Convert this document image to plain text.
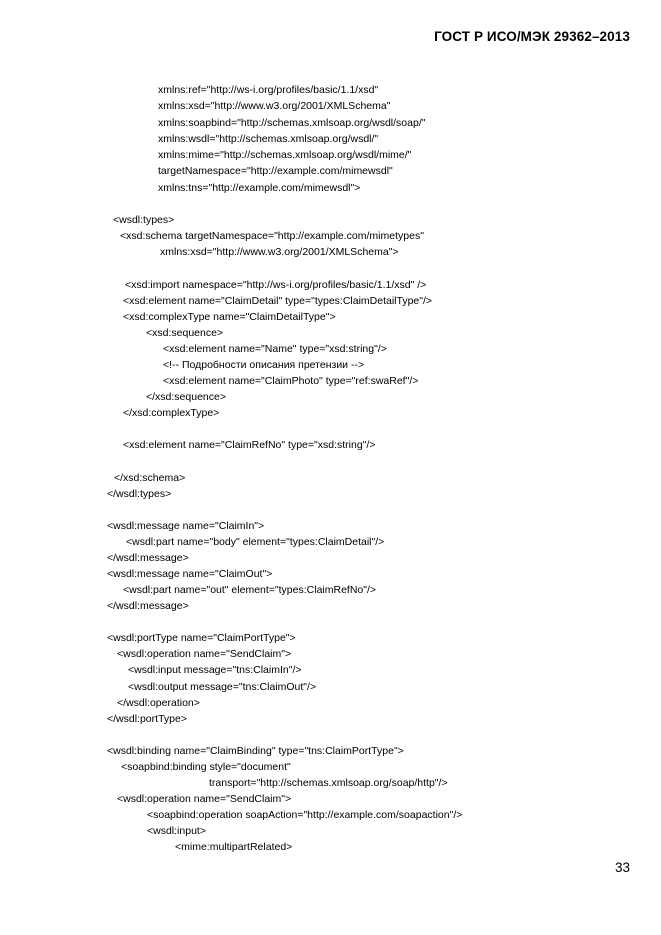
ГОСТ Р ИСО/МЭК 29362–2013
xmlns:ref="http://ws-i.org/profiles/basic/1.1/xsd"
xmlns:xsd="http://www.w3.org/2001/XMLSchema"
xmlns:soapbind="http://schemas.xmlsoap.org/wsdl/soap/"
xmlns:wsdl="http://schemas.xmlsoap.org/wsdl/"
xmlns:mime="http://schemas.xmlsoap.org/wsdl/mime/"
targetNamespace="http://example.com/mimewsdl"
xmlns:tns="http://example.com/mimewsdl">
<wsdl:types>
<xsd:schema targetNamespace="http://example.com/mimetypes"
xmlns:xsd="http://www.w3.org/2001/XMLSchema">
<xsd:import namespace="http://ws-i.org/profiles/basic/1.1/xsd" />
<xsd:element name="ClaimDetail" type="types:ClaimDetailType"/>
<xsd:complexType name="ClaimDetailType">
<xsd:sequence>
<xsd:element name="Name" type="xsd:string"/>
<!-- Подробности описания претензии -->
<xsd:element name="ClaimPhoto" type="ref:swaRef"/>
</xsd:sequence>
</xsd:complexType>
<xsd:element name="ClaimRefNo" type="xsd:string"/>
</xsd:schema>
</wsdl:types>
<wsdl:message name="ClaimIn">
<wsdl:part name="body" element="types:ClaimDetail"/>
</wsdl:message>
<wsdl:message name="ClaimOut">
<wsdl:part name="out" element="types:ClaimRefNo"/>
</wsdl:message>
<wsdl:portType name="ClaimPortType">
<wsdl:operation name="SendClaim">
<wsdl:input message="tns:ClaimIn"/>
<wsdl:output message="tns:ClaimOut"/>
</wsdl:operation>
</wsdl:portType>
<wsdl:binding name="ClaimBinding" type="tns:ClaimPortType">
<soapbind:binding style="document"
transport="http://schemas.xmlsoap.org/soap/http"/>
<wsdl:operation name="SendClaim">
<soapbind:operation soapAction="http://example.com/soapaction"/>
<wsdl:input>
<mime:multipartRelated>
33
